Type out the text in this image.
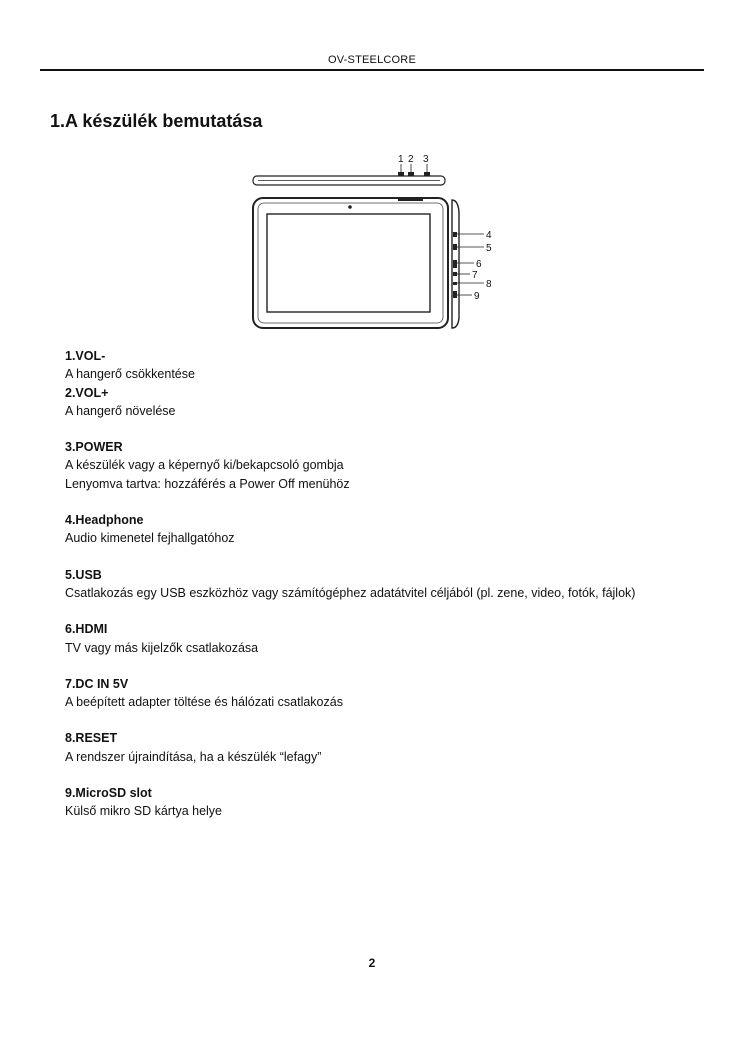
OV-STEELCORE
1.A készülék bemutatása
1 2 3
4
5
6
7
8
9
1.VOL-
A hangerő csökkentése
2.VOL+
A hangerő növelése
3.POWER
A készülék vagy a képernyő ki/bekapcsoló gombja
Lenyomva tartva: hozzáférés a Power Off menühöz
4.Headphone
Audio kimenetel fejhallgatóhoz
5.USB
Csatlakozás egy USB eszközhöz vagy számítógéphez adatátvitel céljából (pl. zene, video, fotók, fájlok)
6.HDMI
TV vagy más kijelzők csatlakozása
7.DC IN 5V
A beépített adapter töltése és hálózati csatlakozás
8.RESET
A rendszer újraindítása, ha a készülék “lefagy”
9.MicroSD slot
Külső mikro SD kártya helye
2
